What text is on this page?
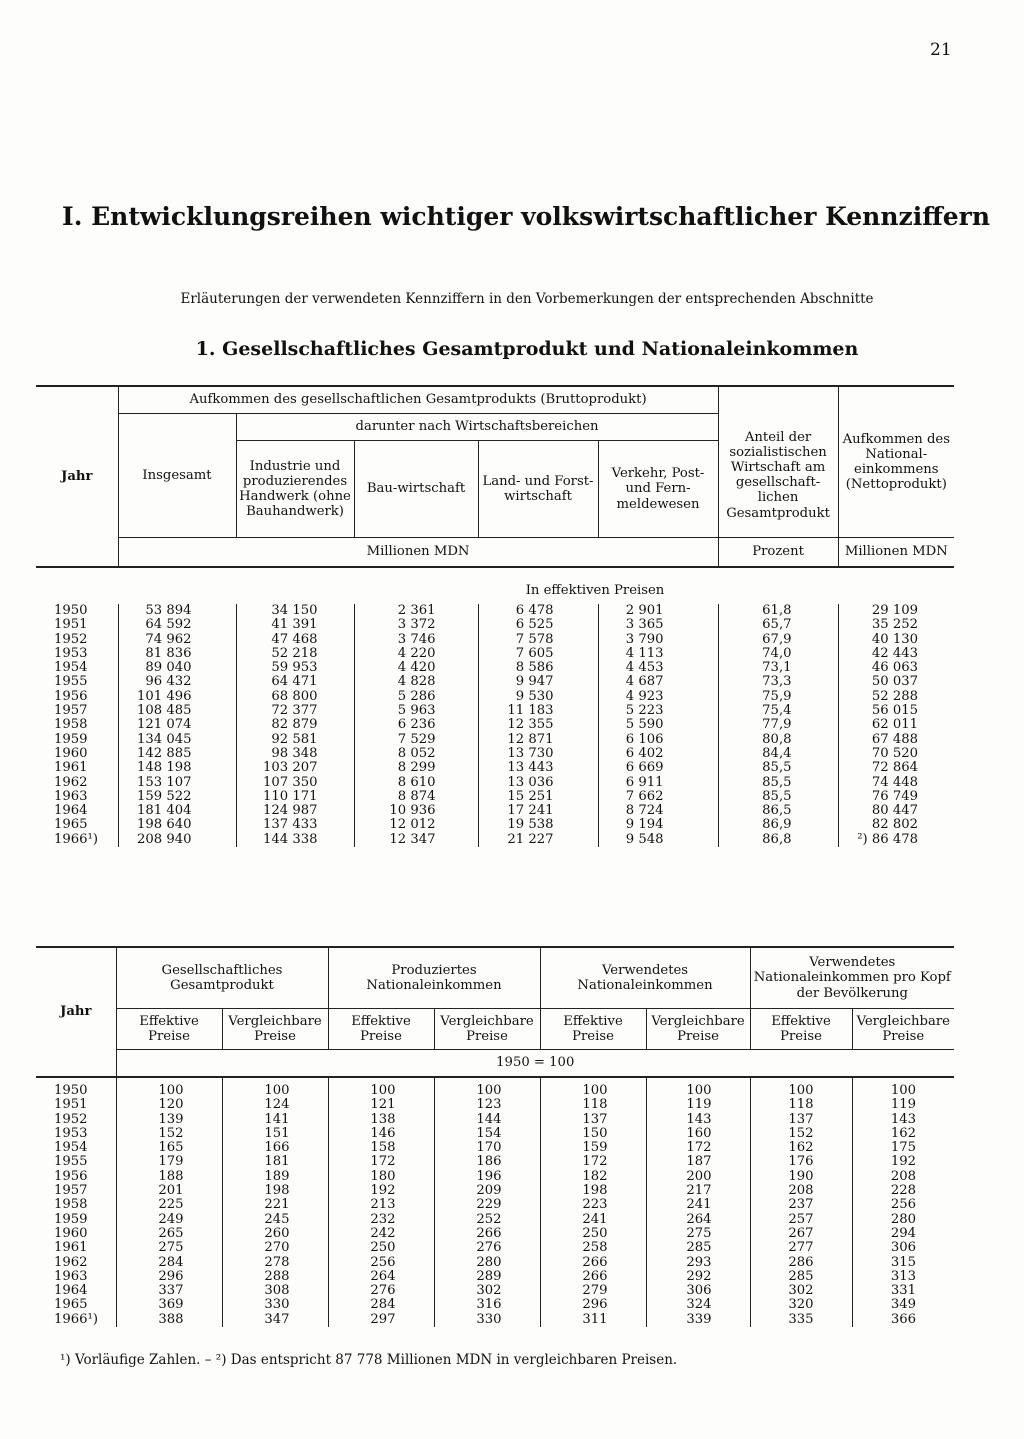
21
I. Entwicklungsreihen wichtiger volkswirtschaftlicher Kennziffern
Erläuterungen der verwendeten Kennziffern in den Vorbemerkungen der entsprechenden Abschnitte
1. Gesellschaftliches Gesamtprodukt und Nationaleinkommen
Jahr	Aufkommen des gesellschaftlichen Gesamtprodukts (Bruttoprodukt)						Aufkommen des National-einkommens (Nettoprodukt)
	Insgesamt	darunter nach Wirtschaftsbereichen				Anteil der sozialistischen Wirtschaft am gesellschaft-lichen Gesamtprodukt	
		Industrie und produzierendes Handwerk (ohne Bauhandwerk)	Bau-wirtschaft	Land- und Forst-wirtschaft	Verkehr, Post- und Fern-meldewesen		
	Millionen MDN					Prozent	Millionen MDN
	In effektiven Preisen						
1950	53 894	34 150	2 361	6 478	2 901	61,8	29 109
1951	64 592	41 391	3 372	6 525	3 365	65,7	35 252
1952	74 962	47 468	3 746	7 578	3 790	67,9	40 130
1953	81 836	52 218	4 220	7 605	4 113	74,0	42 443
1954	89 040	59 953	4 420	8 586	4 453	73,1	46 063
1955	96 432	64 471	4 828	9 947	4 687	73,3	50 037
1956	101 496	68 800	5 286	9 530	4 923	75,9	52 288
1957	108 485	72 377	5 963	11 183	5 223	75,4	56 015
1958	121 074	82 879	6 236	12 355	5 590	77,9	62 011
1959	134 045	92 581	7 529	12 871	6 106	80,8	67 488
1960	142 885	98 348	8 052	13 730	6 402	84,4	70 520
1961	148 198	103 207	8 299	13 443	6 669	85,5	72 864
1962	153 107	107 350	8 610	13 036	6 911	85,5	74 448
1963	159 522	110 171	8 874	15 251	7 662	85,5	76 749
1964	181 404	124 987	10 936	17 241	8 724	86,5	80 447
1965	198 640	137 433	12 012	19 538	9 194	86,9	82 802
1966¹)	208 940	144 338	12 347	21 227	9 548	86,8	²) 86 478
Jahr	Gesellschaftliches Gesamtprodukt		Produziertes Nationaleinkommen		Verwendetes Nationaleinkommen		Verwendetes Nationaleinkommen pro Kopf der Bevölkerung	
	Effektive Preise	Vergleichbare Preise	Effektive Preise	Vergleichbare Preise	Effektive Preise	Vergleichbare Preise	Effektive Preise	Vergleichbare Preise
	1950 = 100							

1950	100	100	100	100	100	100	100	100
1951	120	124	121	123	118	119	118	119
1952	139	141	138	144	137	143	137	143
1953	152	151	146	154	150	160	152	162
1954	165	166	158	170	159	172	162	175
1955	179	181	172	186	172	187	176	192
1956	188	189	180	196	182	200	190	208
1957	201	198	192	209	198	217	208	228
1958	225	221	213	229	223	241	237	256
1959	249	245	232	252	241	264	257	280
1960	265	260	242	266	250	275	267	294
1961	275	270	250	276	258	285	277	306
1962	284	278	256	280	266	293	286	315
1963	296	288	264	289	266	292	285	313
1964	337	308	276	302	279	306	302	331
1965	369	330	284	316	296	324	320	349
1966¹)	388	347	297	330	311	339	335	366
¹) Vorläufige Zahlen. – ²) Das entspricht 87 778 Millionen MDN in vergleichbaren Preisen.
